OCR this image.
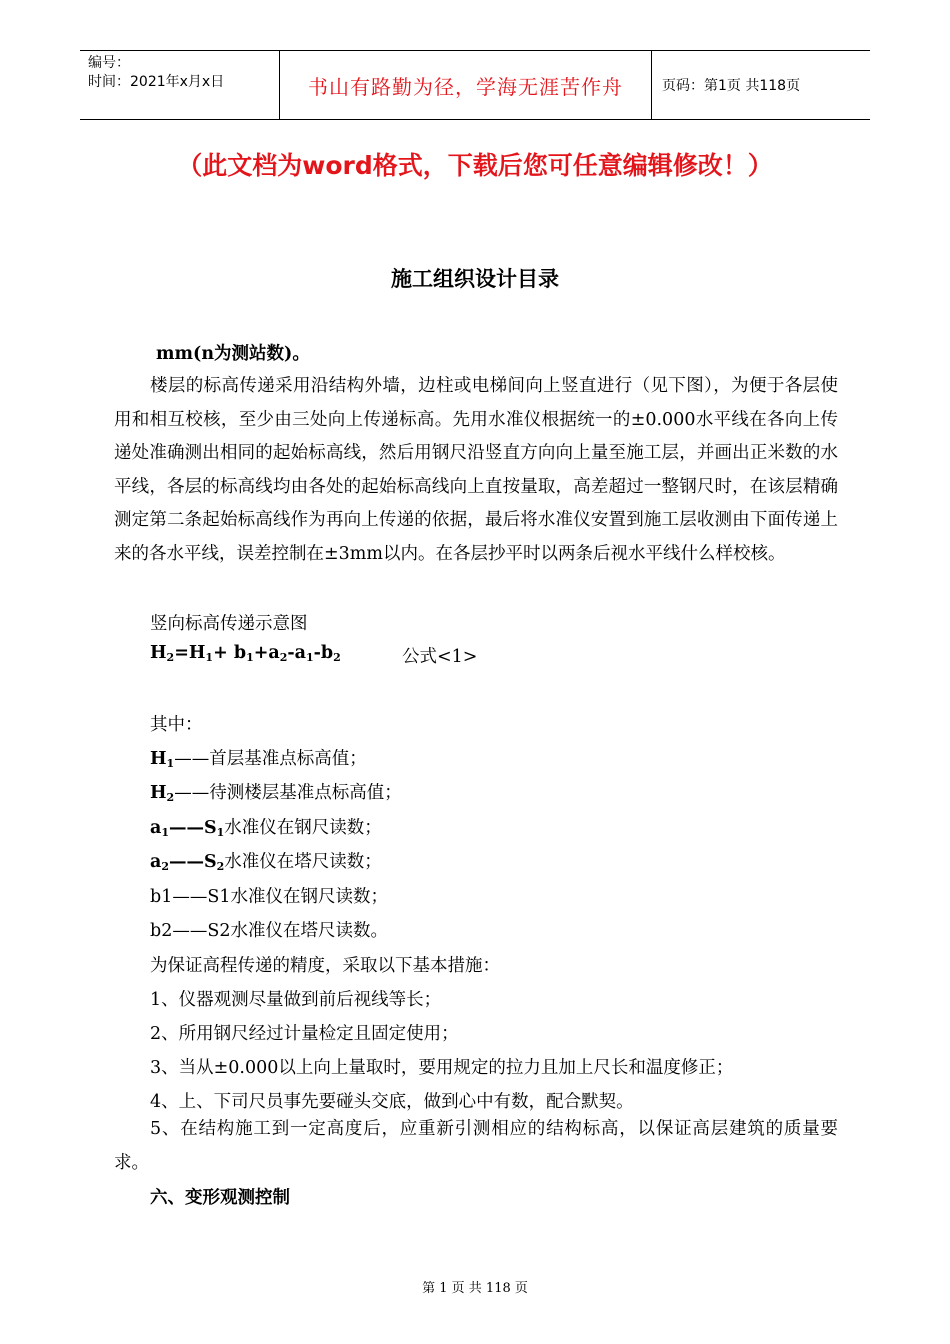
编号：
时间：2021年x月x日	书山有路勤为径，学海无涯苦作舟	页码：第1页 共118页
（此文档为word格式，下载后您可任意编辑修改！）
施工组织设计目录
mm(n为测站数)。
楼层的标高传递采用沿结构外墙，边柱或电梯间向上竖直进行（见下图），为便于各层使用和相互校核，至少由三处向上传递标高。先用水准仪根据统一的±0.000水平线在各向上传递处准确测出相同的起始标高线，然后用钢尺沿竖直方向向上量至施工层，并画出正米数的水平线，各层的标高线均由各处的起始标高线向上直按量取，高差超过一整钢尺时，在该层精确测定第二条起始标高线作为再向上传递的依据，最后将水准仪安置到施工层收测由下面传递上来的各水平线，误差控制在±3mm以内。在各层抄平时以两条后视水平线什么样校核。
竖向标高传递示意图
$H_2=H_1+ b_1+a_2-a_1-b_2$	公式<1>
其中：
$H_1——$首层基准点标高值；
$H_2——$待测楼层基准点标高值；
$a_1——S_1$水准仪在钢尺读数；
$a_2——S_2$水准仪在塔尺读数；
b1——S1水准仪在钢尺读数；
b2——S2水准仪在塔尺读数。
为保证高程传递的精度，采取以下基本措施：
1、仪器观测尽量做到前后视线等长；
2、所用钢尺经过计量检定且固定使用；
3、当从±0.000以上向上量取时，要用规定的拉力且加上尺长和温度修正；
4、上、下司尺员事先要碰头交底，做到心中有数，配合默契。
5、在结构施工到一定高度后，应重新引测相应的结构标高，以保证高层建筑的质量要求。
六、变形观测控制
第 1 页 共 118 页
